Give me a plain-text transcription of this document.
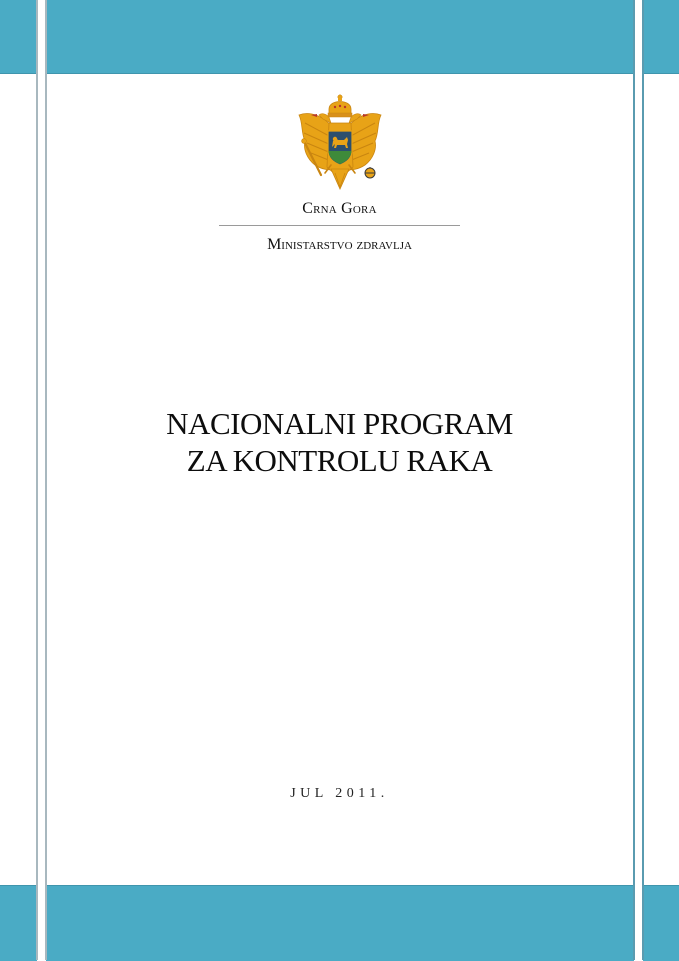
Crna Gora
Ministarstvo zdravlja
NACIONALNI PROGRAM
ZA KONTROLU RAKA
JUL 2011.
